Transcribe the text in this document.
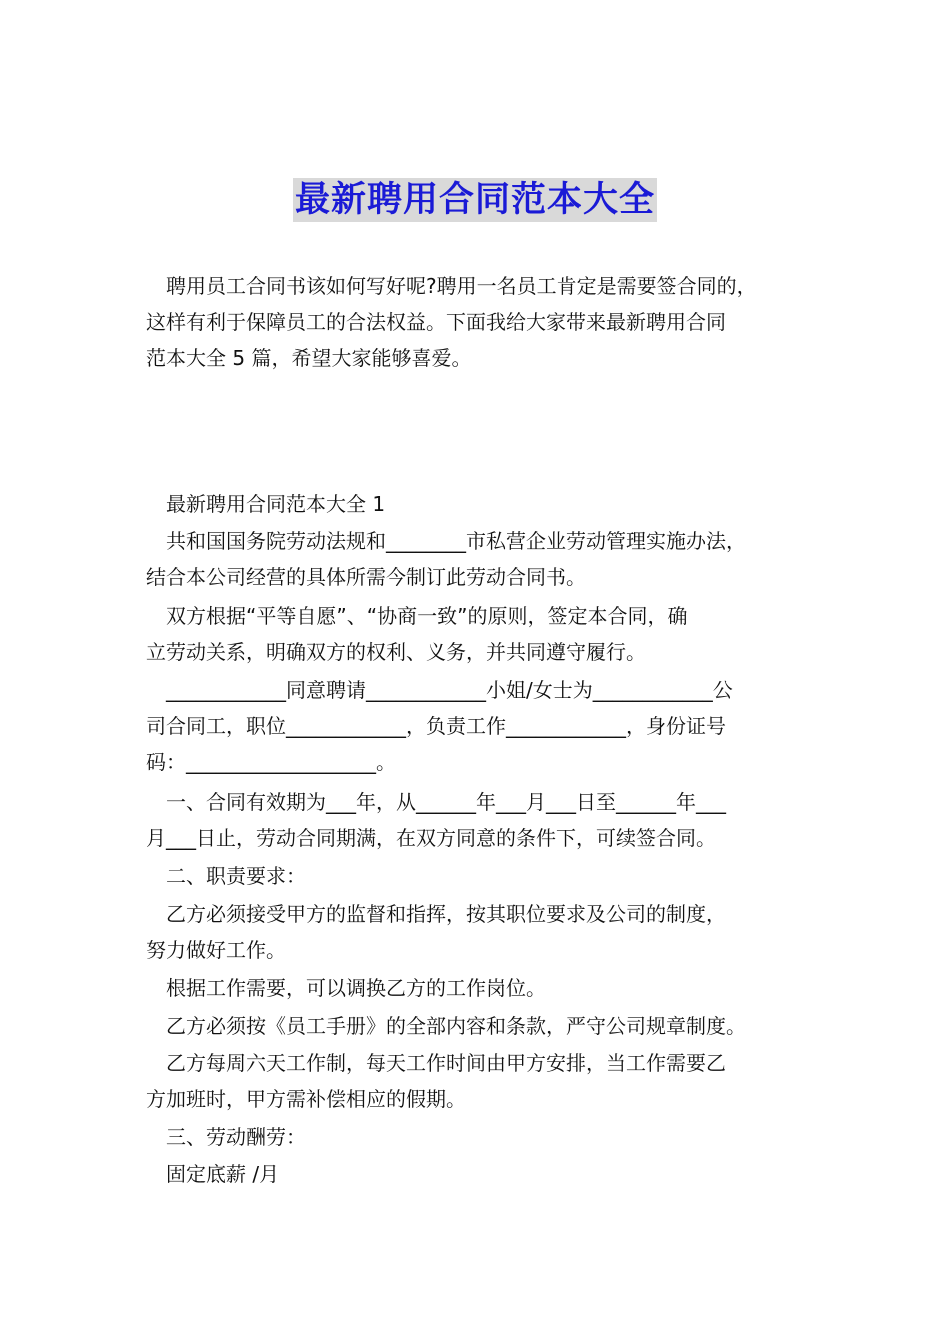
最新聘用合同范本大全

聘用员工合同书该如何写好呢?聘用一名员工肯定是需要签合同的，
这样有利于保障员工的合法权益。下面我给大家带来最新聘用合同
范本大全 5 篇，希望大家能够喜爱。

最新聘用合同范本大全 1

共和国国务院劳动法规和________市私营企业劳动管理实施办法，
结合本公司经营的具体所需今制订此劳动合同书。

双方根据“平等自愿”、“协商一致”的原则，签定本合同，确
立劳动关系，明确双方的权利、义务，并共同遵守履行。

____________同意聘请____________小姐/女士为____________公
司合同工，职位____________，负责工作____________，身份证号
码：___________________。

一、合同有效期为___年，从______年___月___日至______年___
月___日止，劳动合同期满，在双方同意的条件下，可续签合同。

二、职责要求：

乙方必须接受甲方的监督和指挥，按其职位要求及公司的制度，
努力做好工作。

根据工作需要，可以调换乙方的工作岗位。

乙方必须按《员工手册》的全部内容和条款，严守公司规章制度。

乙方每周六天工作制，每天工作时间由甲方安排，当工作需要乙
方加班时，甲方需补偿相应的假期。

三、劳动酬劳：

固定底薪 /月
